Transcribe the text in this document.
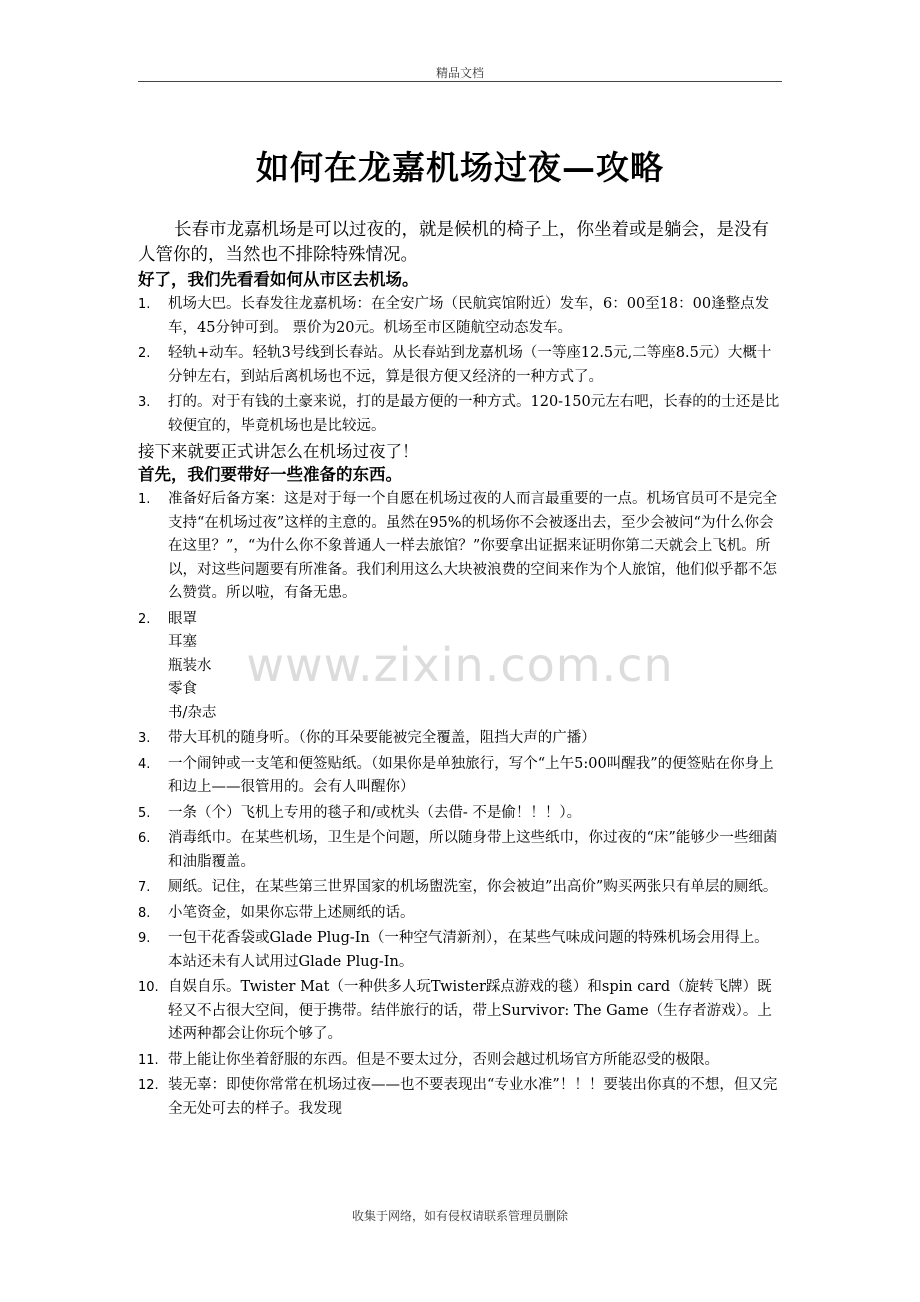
精品文档
如何在龙嘉机场过夜—攻略
www.zixin.com.cn

长春市龙嘉机场是可以过夜的，就是候机的椅子上，你坐着或是躺会，是没有人管你的，当然也不排除特殊情况。

好了，我们先看看如何从市区去机场。

1. 机场大巴。长春发往龙嘉机场：在全安广场（民航宾馆附近）发车，6：00至18：00逢整点发车，45分钟可到。 票价为20元。机场至市区随航空动态发车。
2. 轻轨+动车。轻轨3号线到长春站。从长春站到龙嘉机场（一等座12.5元,二等座8.5元）大概十分钟左右，到站后离机场也不远，算是很方便又经济的一种方式了。
3. 打的。对于有钱的土豪来说，打的是最方便的一种方式。120-150元左右吧，长春的的士还是比较便宜的，毕竟机场也是比较远。

接下来就要正式讲怎么在机场过夜了！

首先，我们要带好一些准备的东西。

1. 准备好后备方案：这是对于每一个自愿在机场过夜的人而言最重要的一点。机场官员可不是完全支持“在机场过夜”这样的主意的。虽然在95%的机场你不会被逐出去，至少会被问“为什么你会在这里？”，“为什么你不象普通人一样去旅馆？”你要拿出证据来证明你第二天就会上飞机。所以，对这些问题要有所准备。我们利用这么大块被浪费的空间来作为个人旅馆，他们似乎都不怎么赞赏。所以啦，有备无患。
2. 眼罩
耳塞
瓶装水
零食
书/杂志
3. 带大耳机的随身听。（你的耳朵要能被完全覆盖，阻挡大声的广播）
4. 一个闹钟或一支笔和便签贴纸。（如果你是单独旅行，写个“上午5:00叫醒我”的便签贴在你身上和边上——很管用的。会有人叫醒你）
5. 一条（个）飞机上专用的毯子和/或枕头（去借- 不是偷！！！）。
6. 消毒纸巾。在某些机场，卫生是个问题，所以随身带上这些纸巾，你过夜的“床”能够少一些细菌和油脂覆盖。
7. 厕纸。记住，在某些第三世界国家的机场盥洗室，你会被迫”出高价”购买两张只有单层的厕纸。
8. 小笔资金，如果你忘带上述厕纸的话。
9. 一包干花香袋或Glade Plug-In（一种空气清新剂），在某些气味成问题的特殊机场会用得上。本站还未有人试用过Glade Plug-In。
10. 自娱自乐。Twister Mat（一种供多人玩Twister踩点游戏的毯）和spin card（旋转飞牌）既轻又不占很大空间，便于携带。结伴旅行的话，带上Survivor: The Game（生存者游戏）。上述两种都会让你玩个够了。
11. 带上能让你坐着舒服的东西。但是不要太过分，否则会越过机场官方所能忍受的极限。
12. 装无辜：即使你常常在机场过夜——也不要表现出“专业水准”！！！要装出你真的不想，但又完全无处可去的样子。我发现
收集于网络，如有侵权请联系管理员删除
